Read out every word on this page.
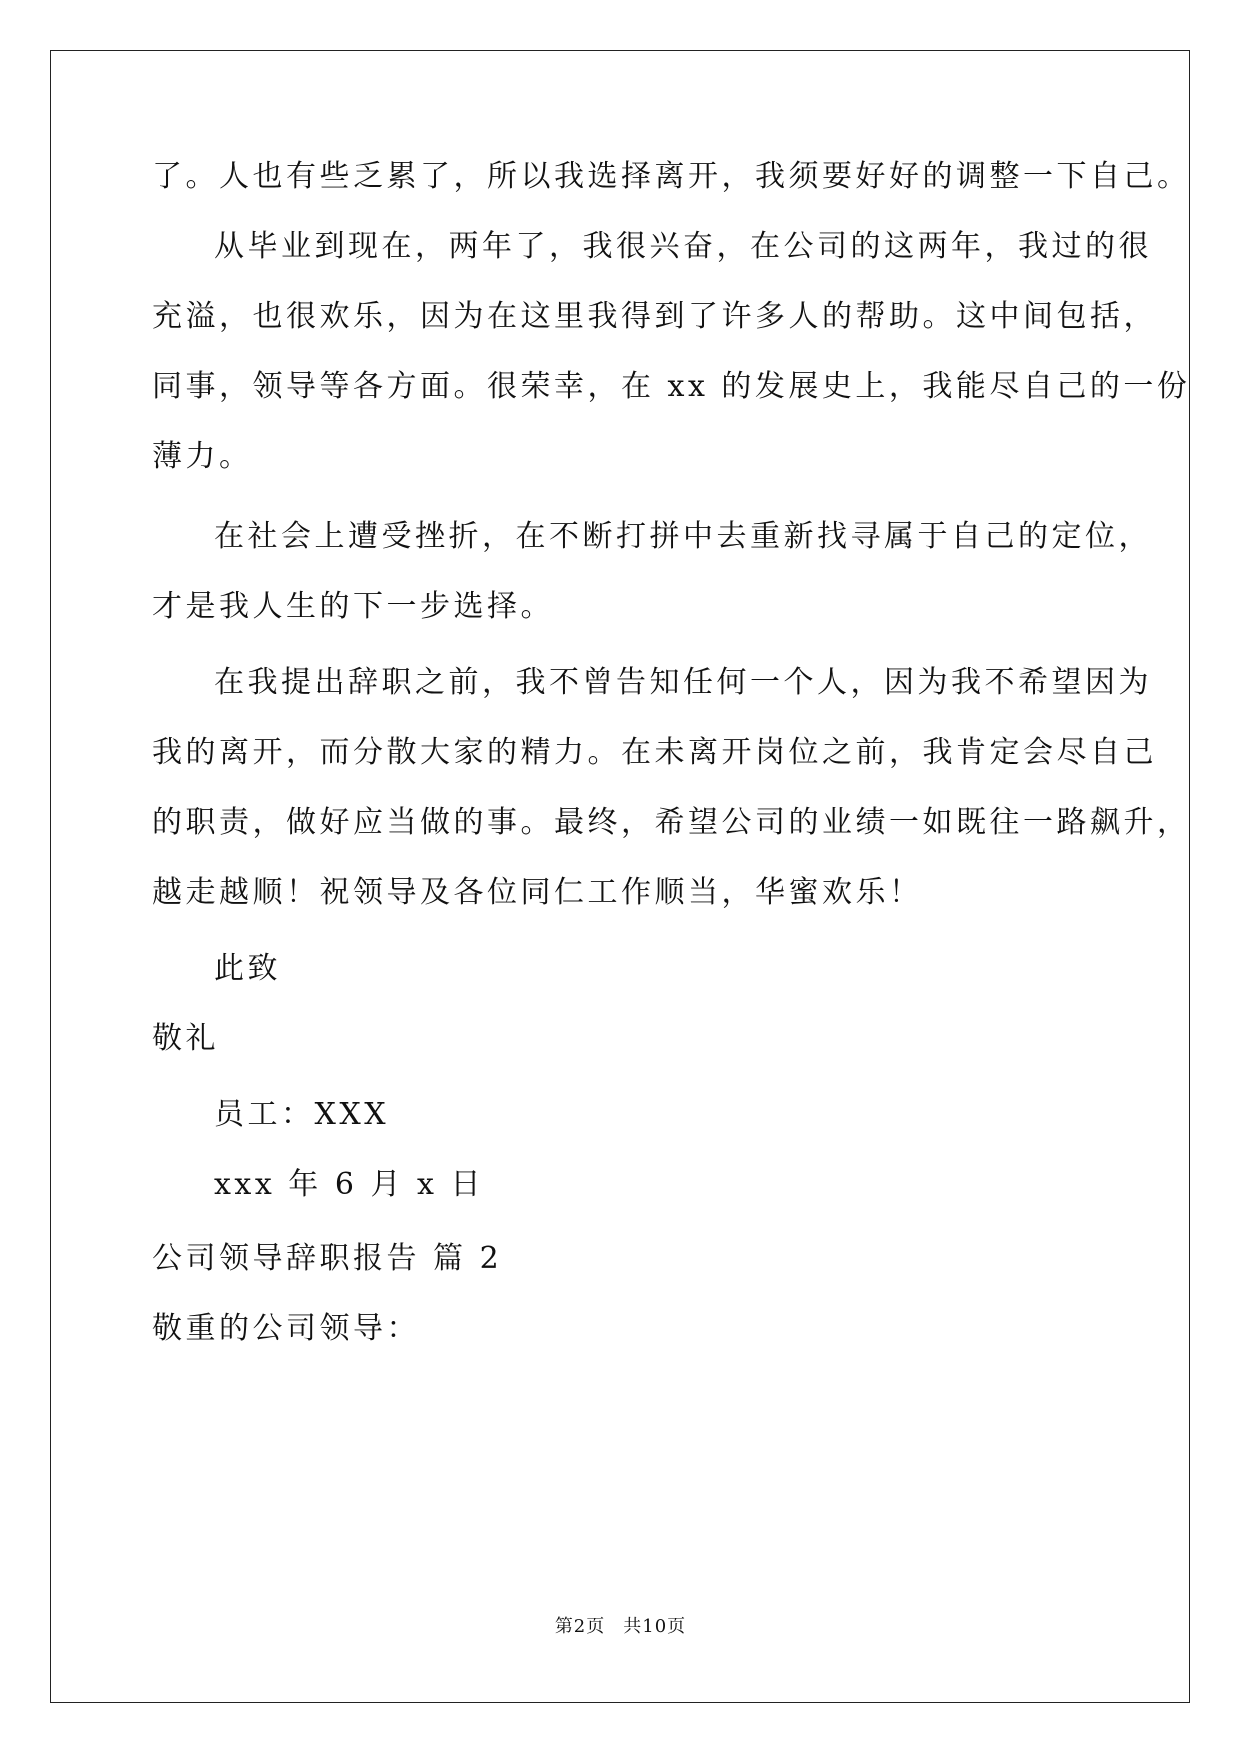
了。人也有些乏累了，所以我选择离开，我须要好好的调整一下自己。
从毕业到现在，两年了，我很兴奋，在公司的这两年，我过的很
充溢，也很欢乐，因为在这里我得到了许多人的帮助。这中间包括，
同事，领导等各方面。很荣幸，在 xx 的发展史上，我能尽自己的一份
薄力。
在社会上遭受挫折，在不断打拼中去重新找寻属于自己的定位，
才是我人生的下一步选择。
在我提出辞职之前，我不曾告知任何一个人，因为我不希望因为
我的离开，而分散大家的精力。在未离开岗位之前，我肯定会尽自己
的职责，做好应当做的事。最终，希望公司的业绩一如既往一路飙升，
越走越顺！祝领导及各位同仁工作顺当，华蜜欢乐！
此致
敬礼
员工：XXX
xxx 年 6 月 x 日
公司领导辞职报告 篇 2
敬重的公司领导：
第2页 共10页
